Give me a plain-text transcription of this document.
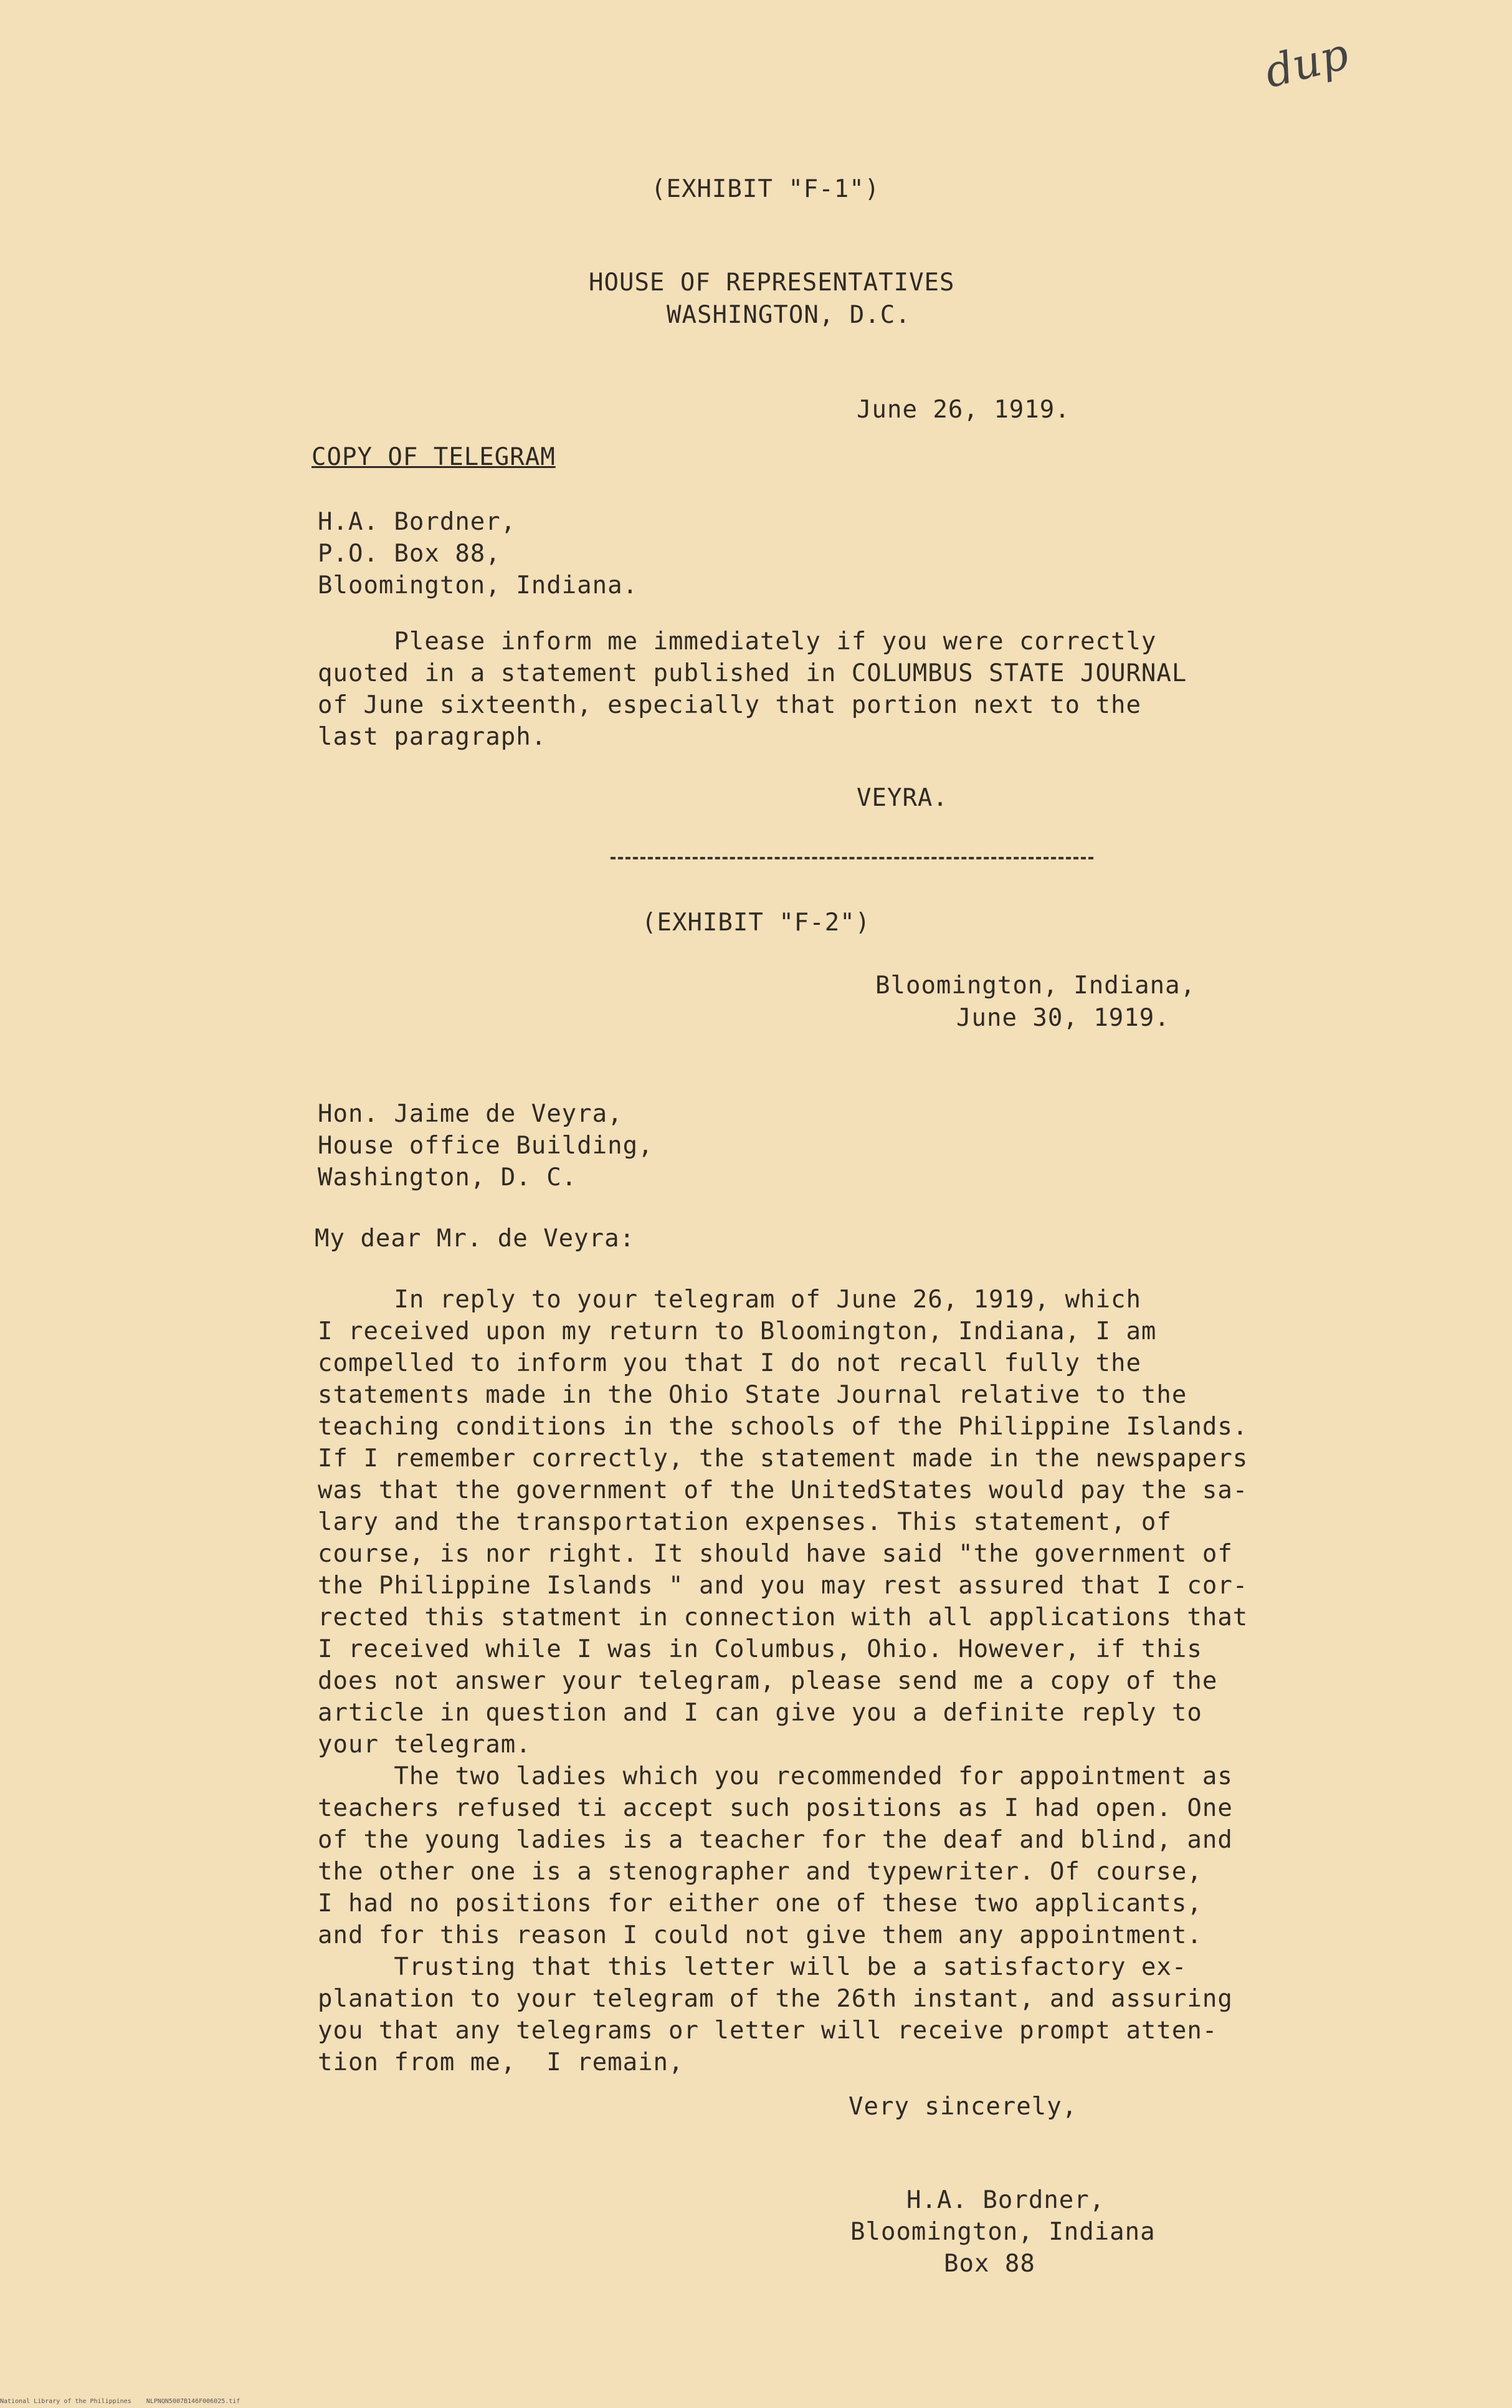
dup

(EXHIBIT "F-1")

HOUSE OF REPRESENTATIVES

WASHINGTON, D.C.

June 26, 1919.

COPY OF TELEGRAM

H.A. Bordner,
P.O. Box 88,
Bloomington, Indiana.
Please inform me immediately if you were correctly
quoted in a statement published in COLUMBUS STATE JOURNAL
of June sixteenth, especially that portion next to the
last paragraph.

VEYRA.

(EXHIBIT "F-2")

Bloomington, Indiana,

June 30, 1919.

Hon. Jaime de Veyra,
House office Building,
Washington, D. C.

My dear Mr. de Veyra:

In reply to your telegram of June 26, 1919, which
I received upon my return to Bloomington, Indiana, I am
compelled to inform you that I do not recall fully the
statements made in the Ohio State Journal relative to the
teaching conditions in the schools of the Philippine Islands.
If I remember correctly, the statement made in the newspapers
was that the government of the UnitedStates would pay the sa-
lary and the transportation expenses. This statement, of
course, is nor right. It should have said "the government of
the Philippine Islands " and you may rest assured that I cor-
rected this statment in connection with all applications that
I received while I was in Columbus, Ohio. However, if this
does not answer your telegram, please send me a copy of the
article in question and I can give you a definite reply to
your telegram.
The two ladies which you recommended for appointment as
teachers refused ti accept such positions as I had open. One
of the young ladies is a teacher for the deaf and blind, and
the other one is a stenographer and typewriter. Of course,
I had no positions for either one of these two applicants,
and for this reason I could not give them any appointment.
Trusting that this letter will be a satisfactory ex-
planation to your telegram of the 26th instant, and assuring
you that any telegrams or letter will receive prompt atten-
tion from me,  I remain,

Very sincerely,

H.A. Bordner,
Bloomington, Indiana
Box 88
National Library of the Philippines    NLPNQN5007B146F006025.tif
